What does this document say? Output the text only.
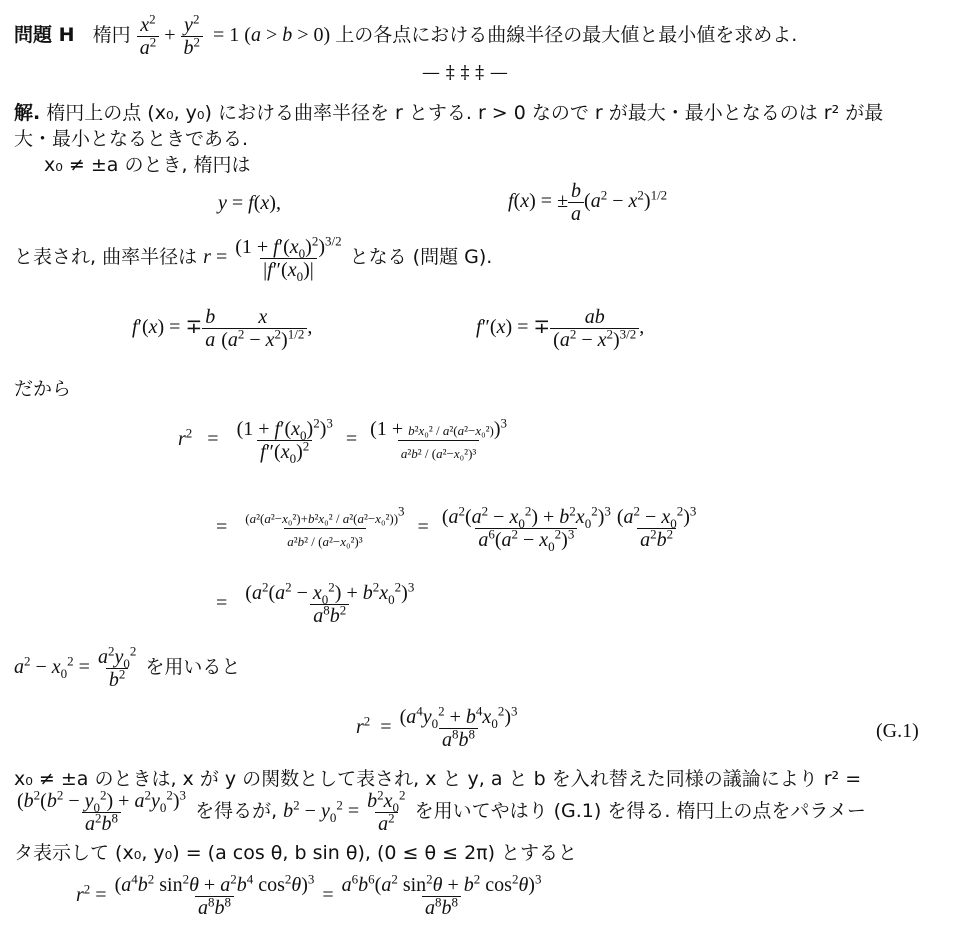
問題 H 楕円 $\frac{x^2}{a^2} + \frac{y^2}{b^2} = 1$ (a > b > 0) 上の各点における曲線半径の最大値と最小値を求めよ.
— ‡ ‡ ‡ —
解. 楕円上の点 (x₀, y₀) における曲率半径を r とする. r > 0 なので r が最大・最小となるのは r² が最
大・最小となるときである.
x₀ ≠ ±a のとき, 楕円は
y = f(x),	f(x) = ± $\frac{b}{a} (a^2 - x^2)^{1/2}$
と表され, 曲率半径は $r = \frac{(1 + f'(x_0)^2)^{3/2}}{|f''(x_0)|}$ となる (問題 G).
f′(x) = ∓ $\frac{b}{a} \frac{x}{(a^2 - x^2)^{1/2}}$ ,	f″(x) = ∓ $\frac{ab}{(a^2 - x^2)^{3/2}}$ ,
だから
$r^2 = \frac{(1 + f'(x_0)^2)^3}{f''(x_0)^2} = \frac{(1 + b^2x_0^2 / a^2(a^2-x_0^2))^3}{\text{a²b² / (a²−x₀²)³}}$
= $\frac{(a^2(a^2-x_0^2)+b^2x_0^2 / a^2(a^2-x_0^2))^3}{\text{a²b² / (a²−x₀²)³}} = \frac{(a^2(a^2 - x_0^2) + b^2x_0^2)^3}{a^6(a^2 - x_0^2)^3} \frac{(a^2 - x_0^2)^3}{a^2b^2}$
= $\frac{(a^2(a^2 - x_0^2) + b^2x_0^2)^3}{a^8b^2}$
$a^2 - x_0^2 = \frac{a^2y_0^2}{b^2}$ を用いると
$r^2 = \frac{(a^4y_0^2 + b^4x_0^2)^3}{a^8b^8}$	(G.1)
x₀ ≠ ±a のときは, x が y の関数として表され, x と y, a と b を入れ替えた同様の議論により r² =
$\frac{(b^2(b^2 - y_0^2) + a^2y_0^2)^3}{a^2b^8}$ を得るが, $b^2 - y_0^2 = \frac{b^2x_0^2}{a^2}$ を用いてやはり (G.1) を得る. 楕円上の点をパラメー
タ表示して (x₀, y₀) = (a cos θ, b sin θ), (0 ≤ θ ≤ 2π) とすると
$r^2 = \frac{(a^4b^2 \sin^2\theta + a^2b^4 \cos^2\theta)^3}{a^8b^8} = \frac{a^6b^6(a^2 \sin^2\theta + b^2 \cos^2\theta)^3}{a^8b^8}$
